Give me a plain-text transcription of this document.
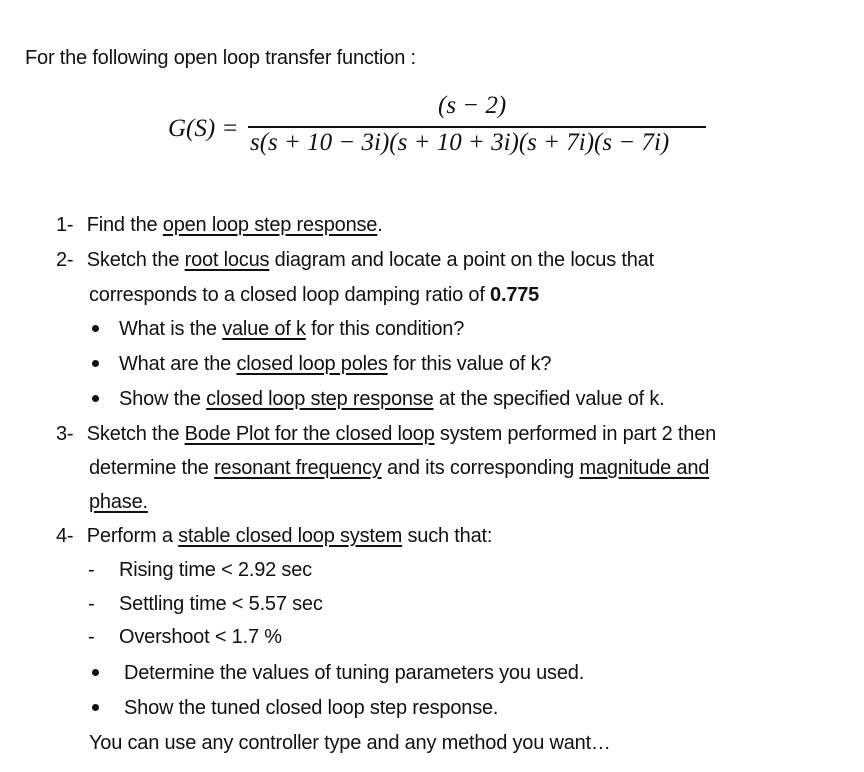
For the following open loop transfer function :
G(S) =
(s − 2)
s(s + 10 − 3i)(s + 10 + 3i)(s + 7i)(s − 7i)
1- Find the open loop step response.
2- Sketch the root locus diagram and locate a point on the locus that
corresponds to a closed loop damping ratio of 0.775
What is the value of k for this condition?
What are the closed loop poles for this value of k?
Show the closed loop step response at the specified value of k.
3- Sketch the Bode Plot for the closed loop system performed in part 2 then
determine the resonant frequency and its corresponding magnitude and
phase.
4- Perform a stable closed loop system such that:
- Rising time < 2.92 sec
- Settling time < 5.57 sec
- Overshoot < 1.7 %
Determine the values of tuning parameters you used.
Show the tuned closed loop step response.
You can use any controller type and any method you want…
